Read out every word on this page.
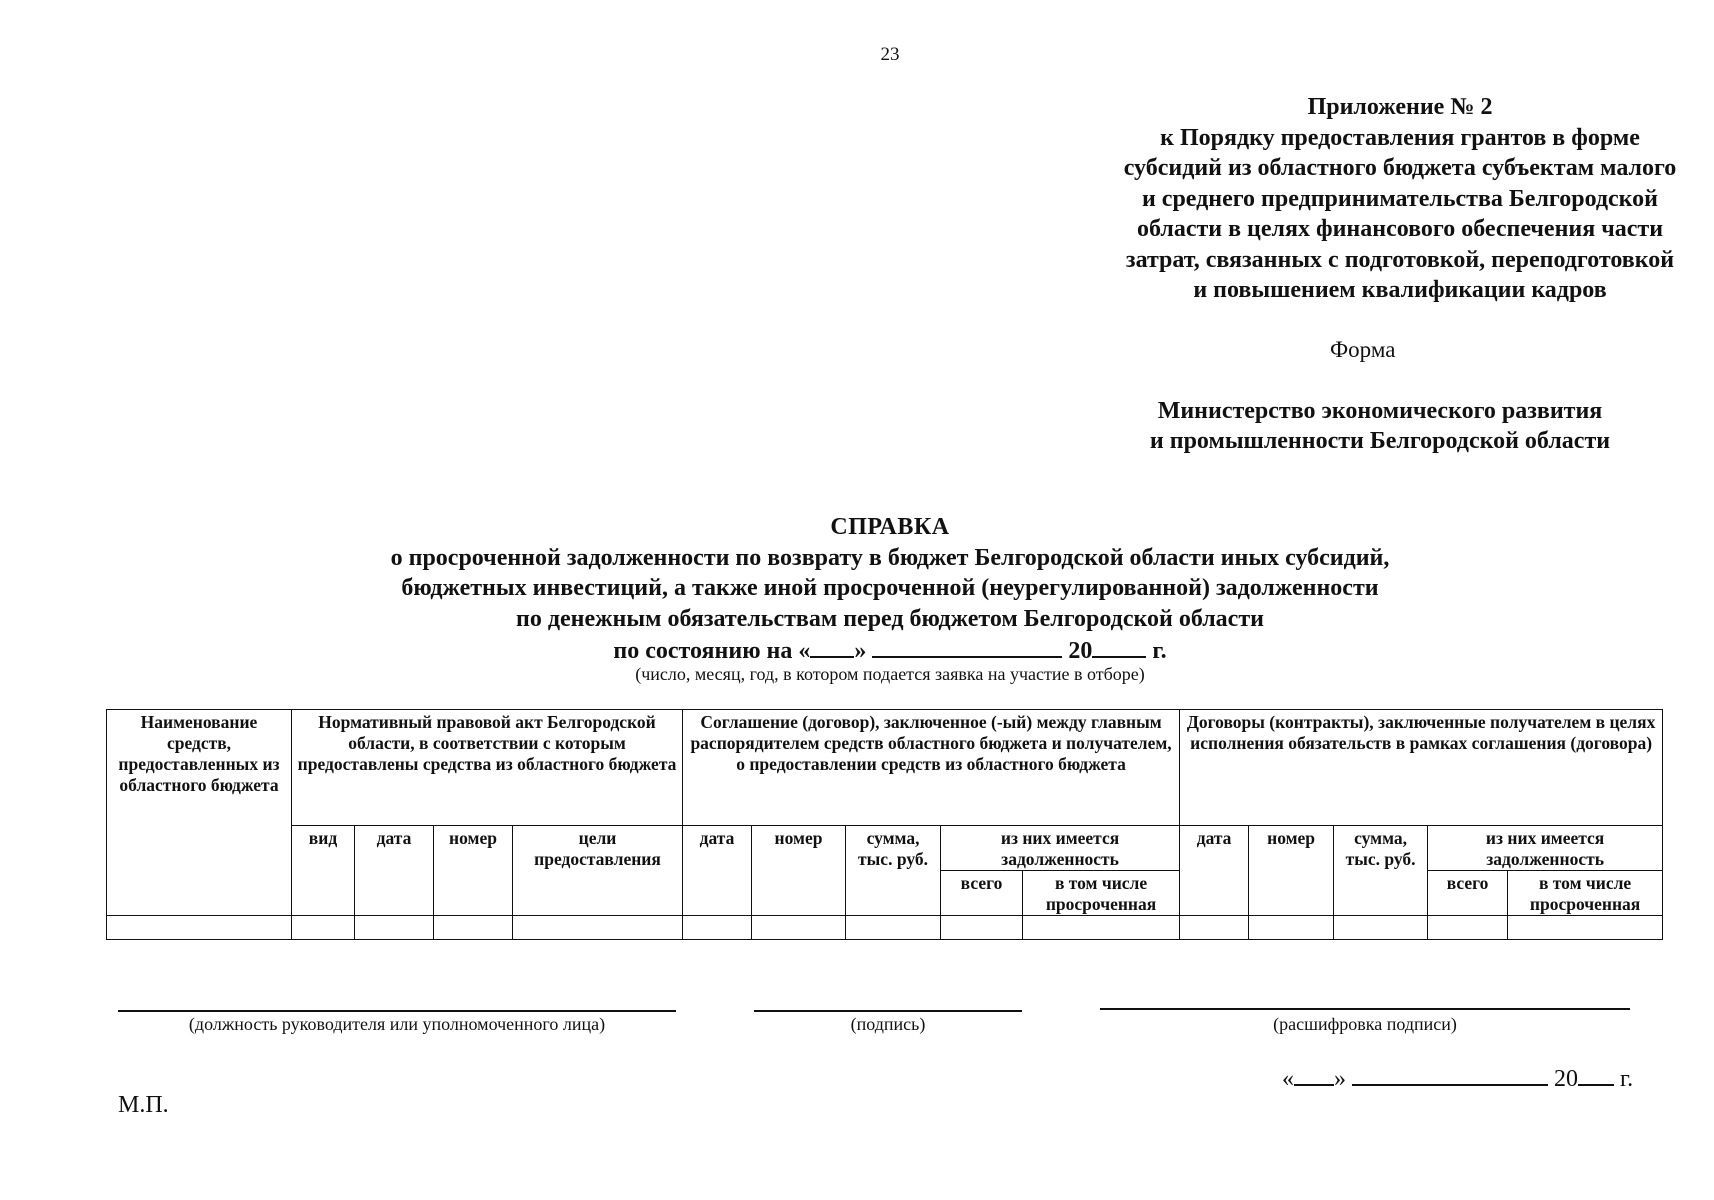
23
Приложение № 2
к Порядку предоставления грантов в форме
субсидий из областного бюджета субъектам малого
и среднего предпринимательства Белгородской
области в целях финансового обеспечения части
затрат, связанных с подготовкой, переподготовкой
и повышением квалификации кадров
Форма
Министерство экономического развития
и промышленности Белгородской области
СПРАВКА
о просроченной задолженности по возврату в бюджет Белгородской области иных субсидий,
бюджетных инвестиций, а также иной просроченной (неурегулированной) задолженности
по денежным обязательствам перед бюджетом Белгородской области
по состоянию на « »	20	г.
(число, месяц, год, в котором подается заявка на участие в отборе)
Наименование средств, предоставленных из областного бюджета	Нормативный правовой акт Белгородской области, в соответствии с которым предоставлены средства из областного бюджета				Соглашение (договор), заключенное (-ый) между главным распорядителем средств областного бюджета и получателем, о предоставлении средств из областного бюджета					Договоры (контракты), заключенные получателем в целях исполнения обязательств в рамках соглашения (договора)				
	вид	дата	номер	цели предоставления	дата	номер	сумма, тыс. руб.	из них имеется задолженность		дата	номер	сумма, тыс. руб.	из них имеется задолженность	
								всего	в том числе просроченная				всего	в том числе просроченная

(должность руководителя или уполномоченного лица)	(подпись)	(расшифровка подписи)
« »	20 г.
М.П.
